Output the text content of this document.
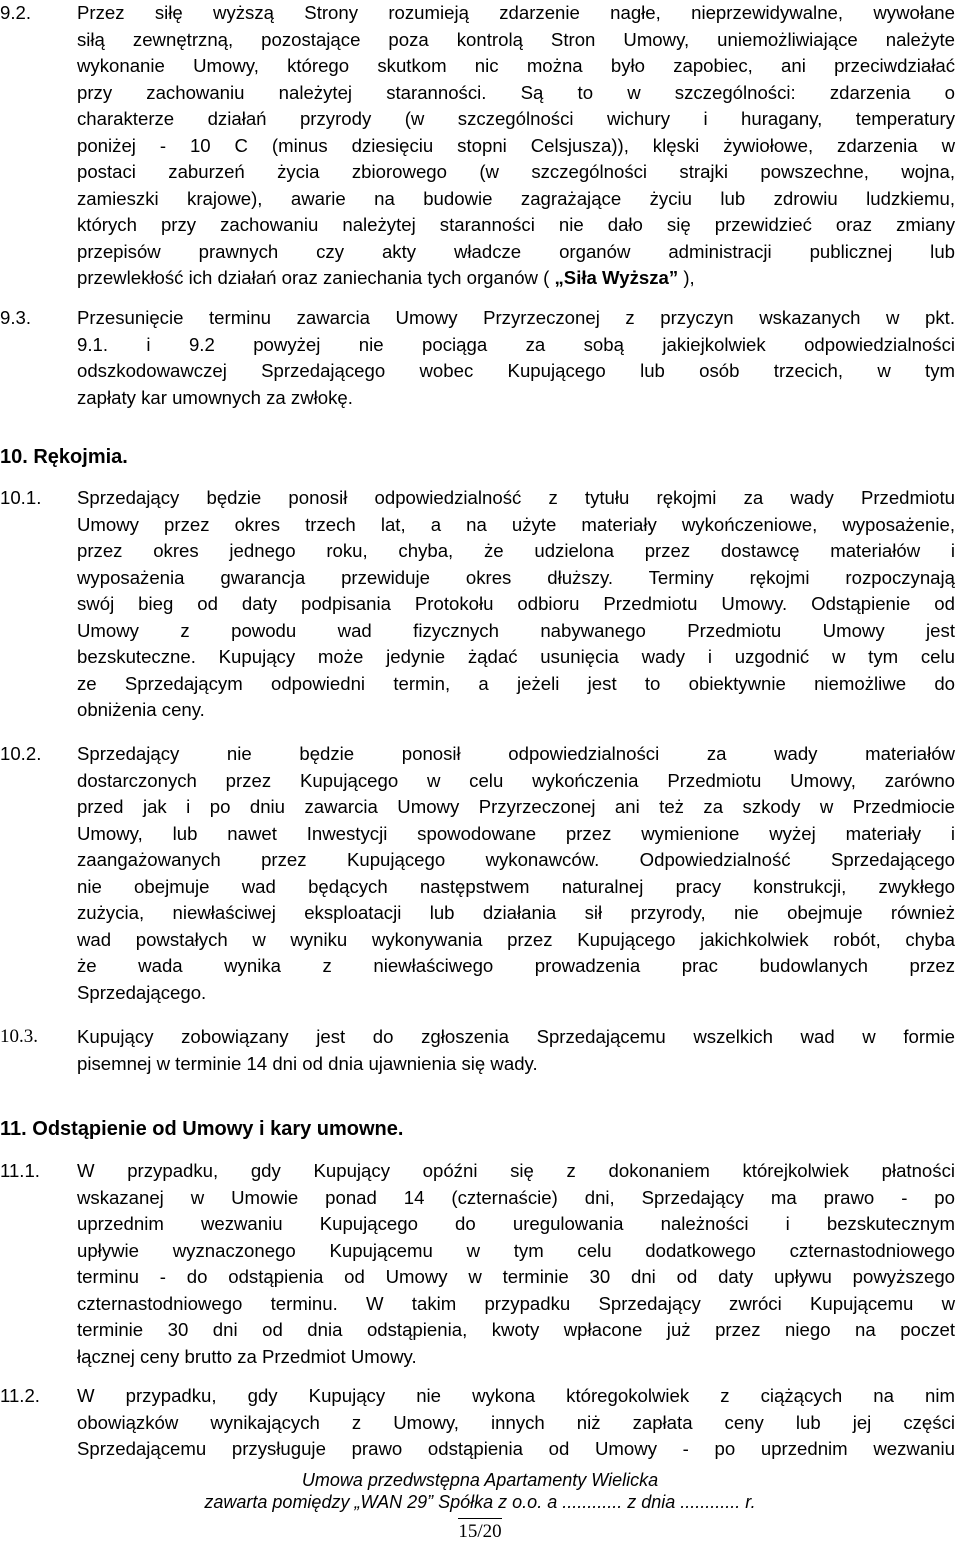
9.2.	Przez siłę wyższą Strony rozumieją zdarzenie nagłe, nieprzewidywalne, wywołane
siłą zewnętrzną, pozostające poza kontrolą Stron Umowy, uniemożliwiające należyte
wykonanie Umowy, którego skutkom nic można było zapobiec, ani przeciwdziałać
przy zachowaniu należytej staranności. Są to w szczególności: zdarzenia o
charakterze działań przyrody (w szczególności wichury i huragany, temperatury
poniżej - 10 C (minus dziesięciu stopni Celsjusza)), klęski żywiołowe, zdarzenia w
postaci zaburzeń życia zbiorowego (w szczególności strajki powszechne, wojna,
zamieszki krajowe), awarie na budowie zagrażające życiu lub zdrowiu ludzkiemu,
których przy zachowaniu należytej staranności nie dało się przewidzieć oraz zmiany
przepisów prawnych czy akty władcze organów administracji publicznej lub
przewlekłość ich działań oraz zaniechania tych organów ( „Siła Wyższa” ),
9.3.	Przesunięcie terminu zawarcia Umowy Przyrzeczonej z przyczyn wskazanych w pkt.
9.1. i 9.2 powyżej nie pociąga za sobą jakiejkolwiek odpowiedzialności
odszkodowawczej Sprzedającego wobec Kupującego lub osób trzecich, w tym
zapłaty kar umownych za zwłokę.
10. Rękojmia.
10.1.	Sprzedający będzie ponosił odpowiedzialność z tytułu rękojmi za wady Przedmiotu
Umowy przez okres trzech lat, a na użyte materiały wykończeniowe, wyposażenie,
przez okres jednego roku, chyba, że udzielona przez dostawcę materiałów i
wyposażenia gwarancja przewiduje okres dłuższy. Terminy rękojmi rozpoczynają
swój bieg od daty podpisania Protokołu odbioru Przedmiotu Umowy. Odstąpienie od
Umowy z powodu wad fizycznych nabywanego Przedmiotu Umowy jest
bezskuteczne. Kupujący może jedynie żądać usunięcia wady i uzgodnić w tym celu
ze Sprzedającym odpowiedni termin, a jeżeli jest to obiektywnie niemożliwe do
obniżenia ceny.
10.2.	Sprzedający nie będzie ponosił odpowiedzialności za wady materiałów
dostarczonych przez Kupującego w celu wykończenia Przedmiotu Umowy, zarówno
przed jak i po dniu zawarcia Umowy Przyrzeczonej ani też za szkody w Przedmiocie
Umowy, lub nawet Inwestycji spowodowane przez wymienione wyżej materiały i
zaangażowanych przez Kupującego wykonawców. Odpowiedzialność Sprzedającego
nie obejmuje wad będących następstwem naturalnej pracy konstrukcji, zwykłego
zużycia, niewłaściwej eksploatacji lub działania sił przyrody, nie obejmuje również
wad powstałych w wyniku wykonywania przez Kupującego jakichkolwiek robót, chyba
że wada wynika z niewłaściwego prowadzenia prac budowlanych przez
Sprzedającego.
10.3.	Kupujący zobowiązany jest do zgłoszenia Sprzedającemu wszelkich wad w formie
pisemnej w terminie 14 dni od dnia ujawnienia się wady.
11. Odstąpienie od Umowy i kary umowne.
11.1.	W przypadku, gdy Kupujący opóźni się z dokonaniem którejkolwiek płatności
wskazanej w Umowie ponad 14 (czternaście) dni, Sprzedający ma prawo - po
uprzednim wezwaniu Kupującego do uregulowania należności i bezskutecznym
upływie wyznaczonego Kupującemu w tym celu dodatkowego czternastodniowego
terminu - do odstąpienia od Umowy w terminie 30 dni od daty upływu powyższego
czternastodniowego terminu. W takim przypadku Sprzedający zwróci Kupującemu w
terminie 30 dni od dnia odstąpienia, kwoty wpłacone już przez niego na poczet
łącznej ceny brutto za Przedmiot Umowy.
11.2.	W przypadku, gdy Kupujący nie wykona któregokolwiek z ciążących na nim
obowiązków wynikających z Umowy, innych niż zapłata ceny lub jej części
Sprzedającemu przysługuje prawo odstąpienia od Umowy - po uprzednim wezwaniu
Umowa przedwstępna Apartamenty Wielicka
zawarta pomiędzy „WAN 29” Spółka z o.o. a ............ z dnia ............ r.
15/20
